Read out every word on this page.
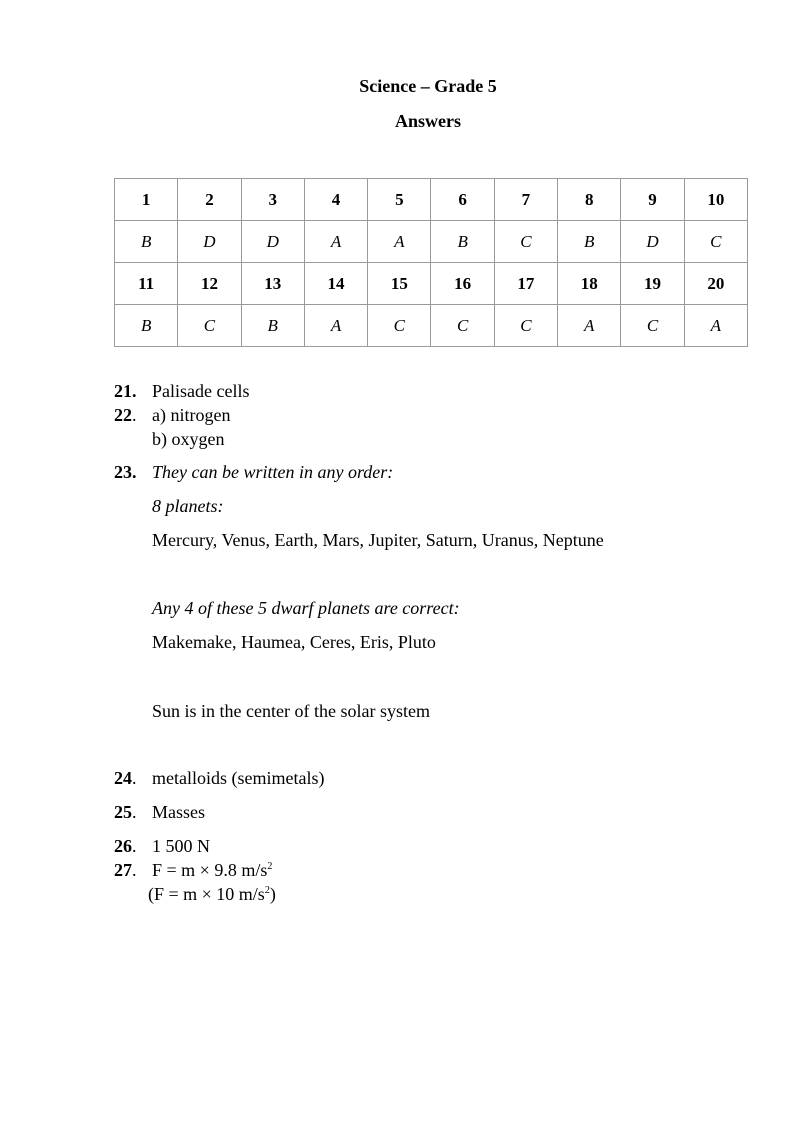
Science – Grade 5
Answers
1	2	3	4	5	6	7	8	9	10
B	D	D	A	A	B	C	B	D	C
11	12	13	14	15	16	17	18	19	20
B	C	B	A	C	C	C	A	C	A
21. Palisade cells
22. a) nitrogen
b) oxygen
23. They can be written in any order:
8 planets:
Mercury, Venus, Earth, Mars, Jupiter, Saturn, Uranus, Neptune
Any 4 of these 5 dwarf planets are correct:
Makemake, Haumea, Ceres, Eris, Pluto
Sun is in the center of the solar system
24. metalloids (semimetals)
25. Masses
26. 1 500 N
27. F = m × 9.8 $m/s^2$
(F = m × 10 $m/s^2$)
